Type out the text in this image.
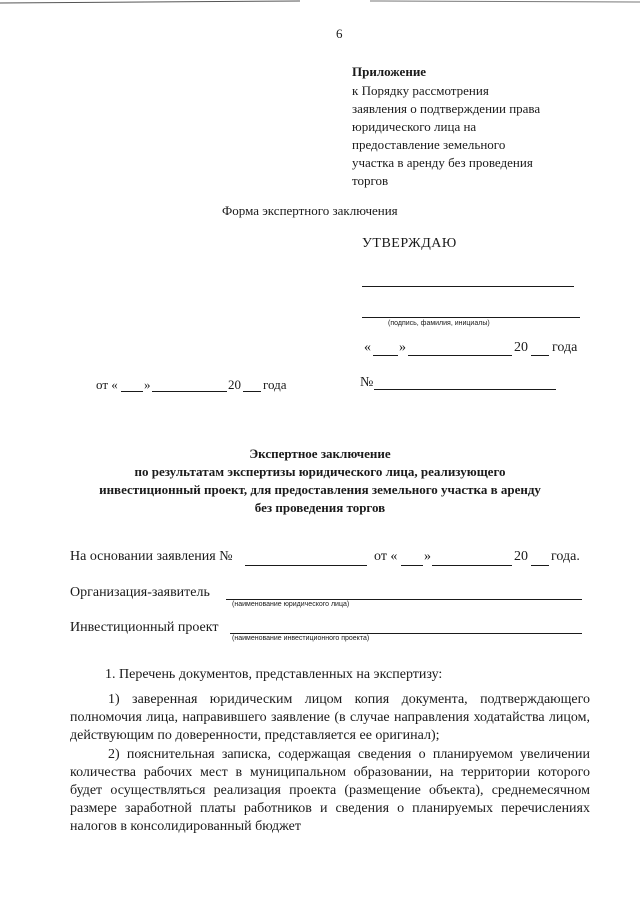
6
Приложение
к Порядку рассмотрения
заявления о подтверждении права
юридического лица на
предоставление земельного
участка в аренду без проведения
торгов
Форма экспертного заключения
УТВЕРЖДАЮ
(подпись, фамилия, инициалы)
« »	20 года
от « »	20 года	№
Экспертное заключение
по результатам экспертизы юридического лица, реализующего
инвестиционный проект, для предоставления земельного участка в аренду
без проведения торгов
На основании заявления №	от « »	20 года.
Организация-заявитель
(наименование юридического лица)
Инвестиционный проект
(наименование инвестиционного проекта)
1. Перечень документов, представленных на экспертизу:
1) заверенная юридическим лицом копия документа, подтверждающего полномочия лица, направившего заявление (в случае направления ходатайства лицом, действующим по доверенности, представляется ее оригинал);
2) пояснительная записка, содержащая сведения о планируемом увеличении количества рабочих мест в муниципальном образовании, на территории которого будет осуществляться реализация проекта (размещение объекта), среднемесячном размере заработной платы работников и сведения о планируемых перечислениях налогов в консолидированный бюджет
